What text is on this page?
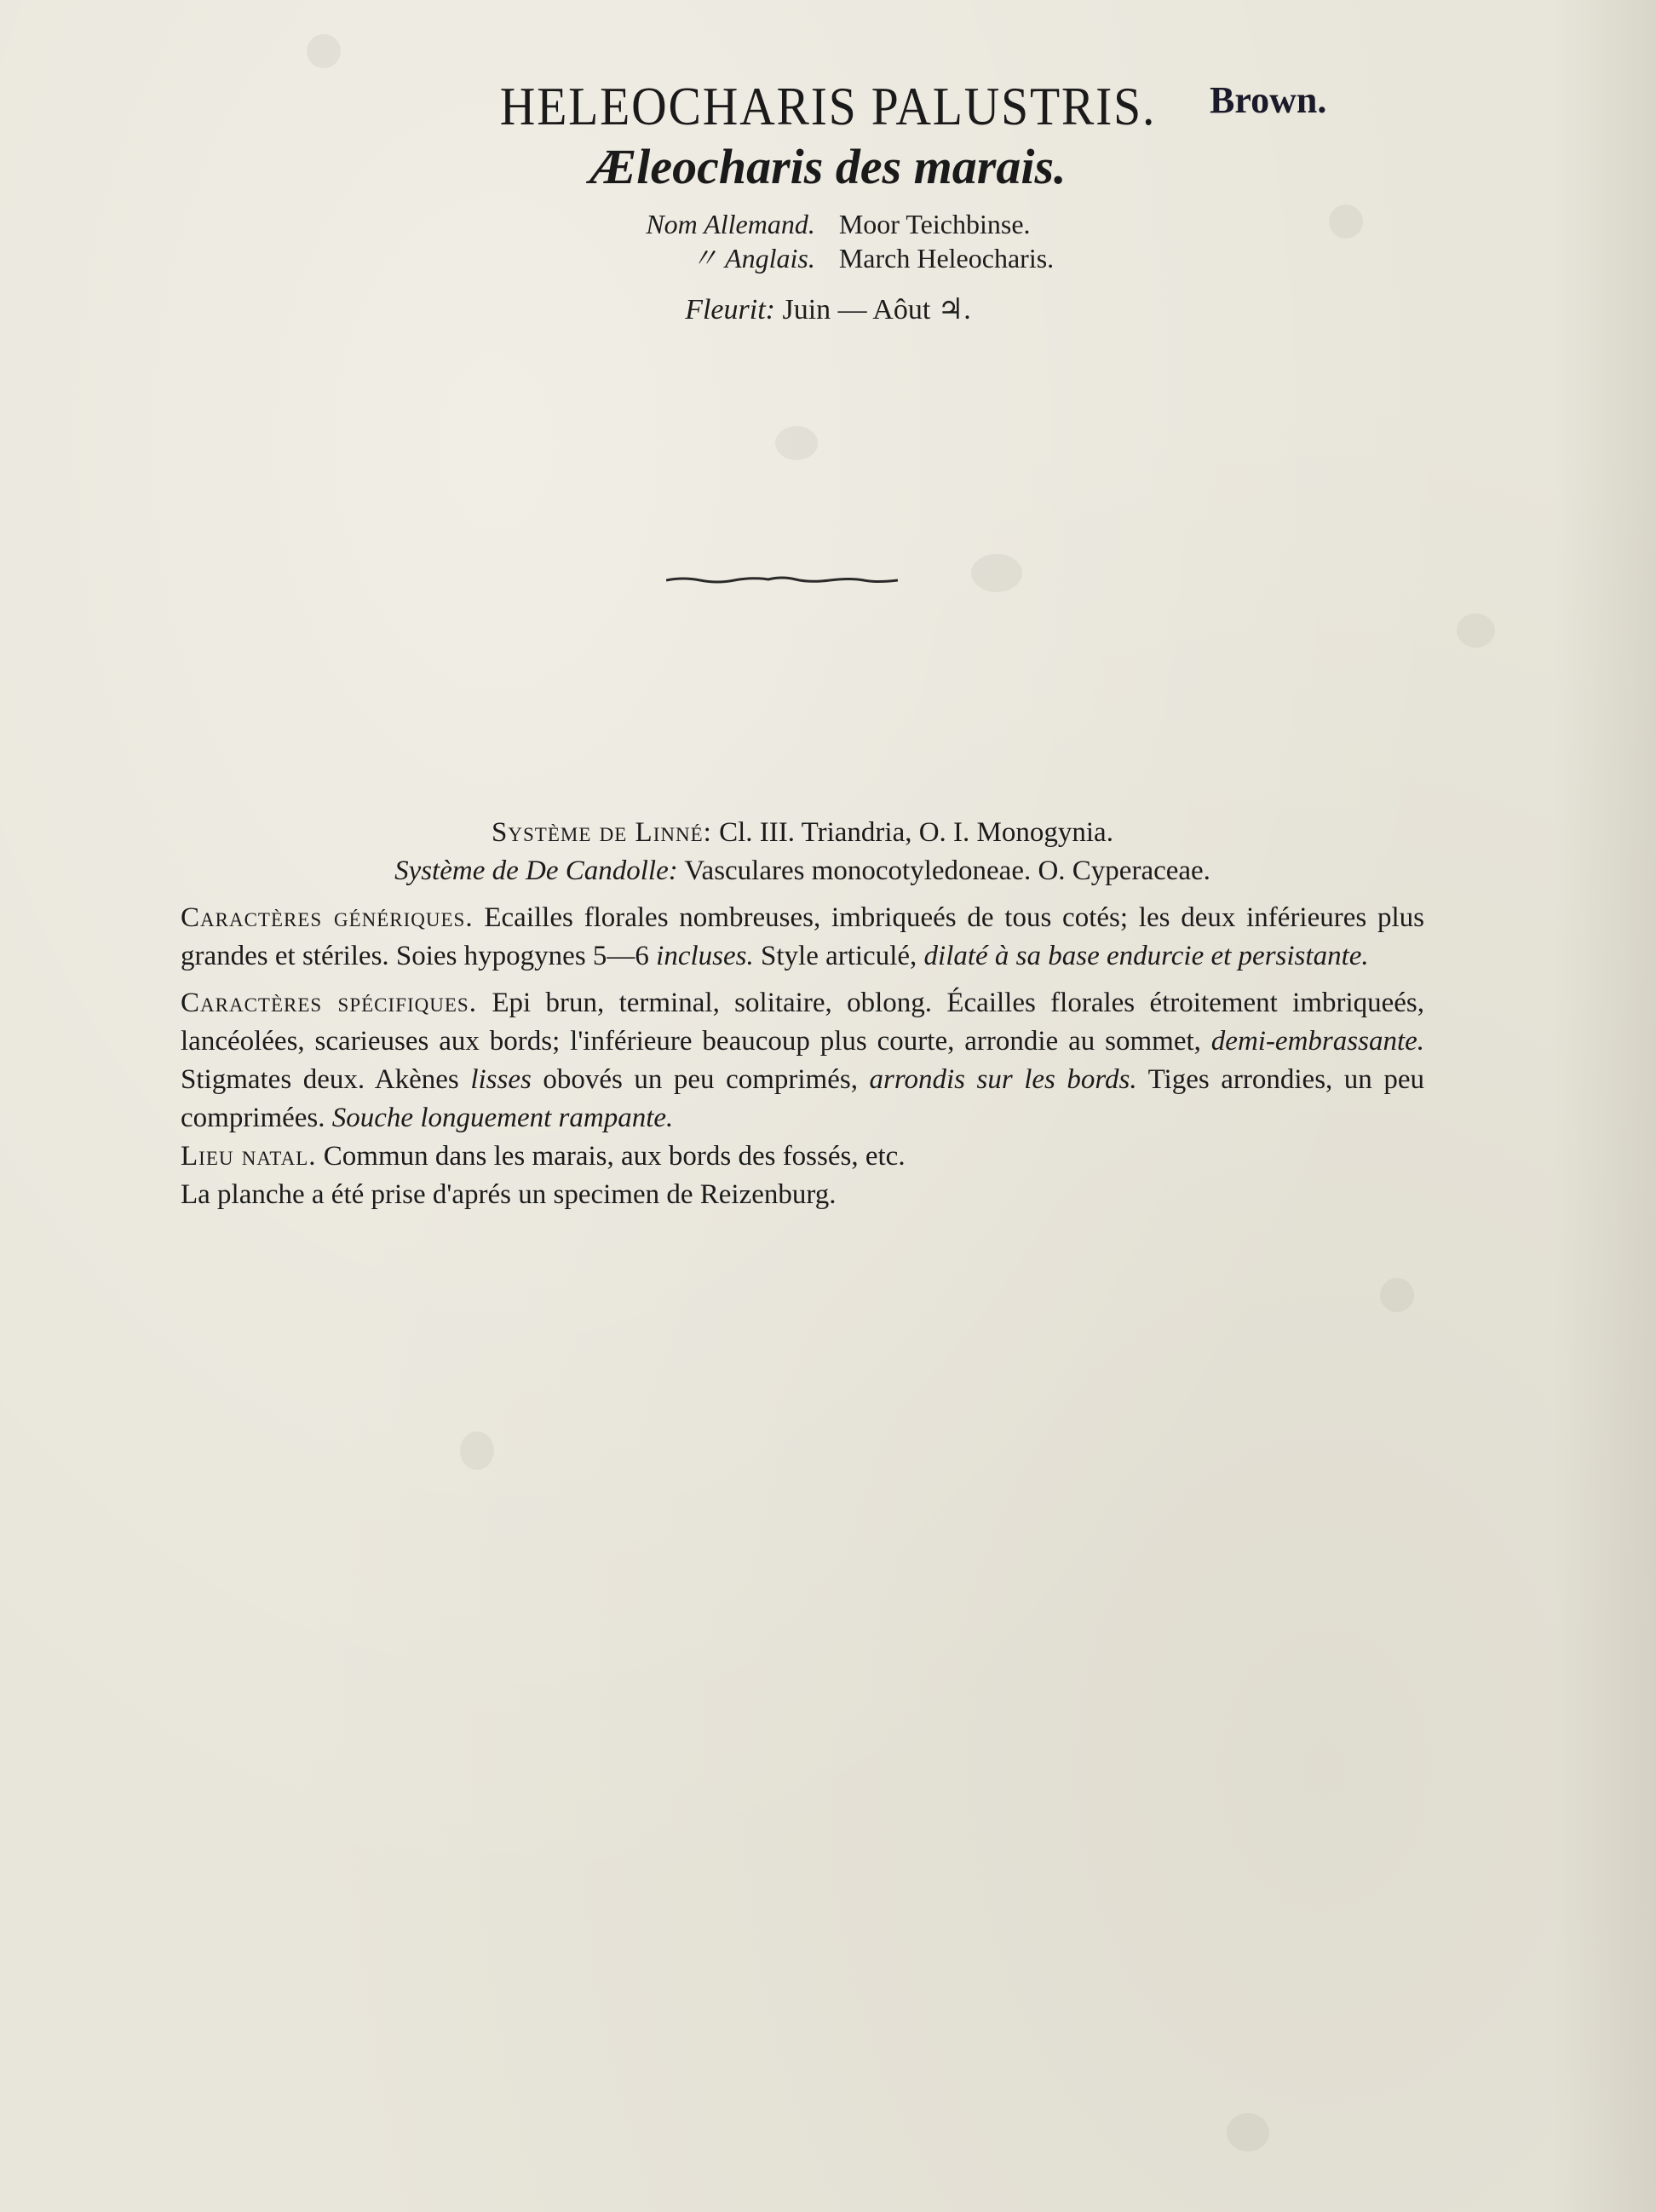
HELEOCHARIS PALUSTRIS. Brown.
Æleocharis des marais.
Nom Allemand. Moor Teichbinse.
〃 Anglais. March Heleocharis.
Fleurit: Juin — Aôut ♃.
Système de Linné: Cl. III. Triandria, O. I. Monogynia.
Système de De Candolle: Vasculares monocotyledoneae. O. Cyperaceae.
Caractères génériques. Ecailles florales nombreuses, imbriqueés de tous cotés; les deux inférieures plus grandes et stériles. Soies hypogynes 5—6 incluses. Style articulé, dilaté à sa base endurcie et persistante.
Caractères spécifiques. Epi brun, terminal, solitaire, oblong. Écailles florales étroitement imbriqueés, lancéolées, scarieuses aux bords; l'inférieure beaucoup plus courte, arrondie au sommet, demi-embrassante. Stigmates deux. Akènes lisses obovés un peu comprimés, arrondis sur les bords. Tiges arrondies, un peu comprimées. Souche longuement rampante.
Lieu natal. Commun dans les marais, aux bords des fossés, etc.
La planche a été prise d'aprés un specimen de Reizenburg.
